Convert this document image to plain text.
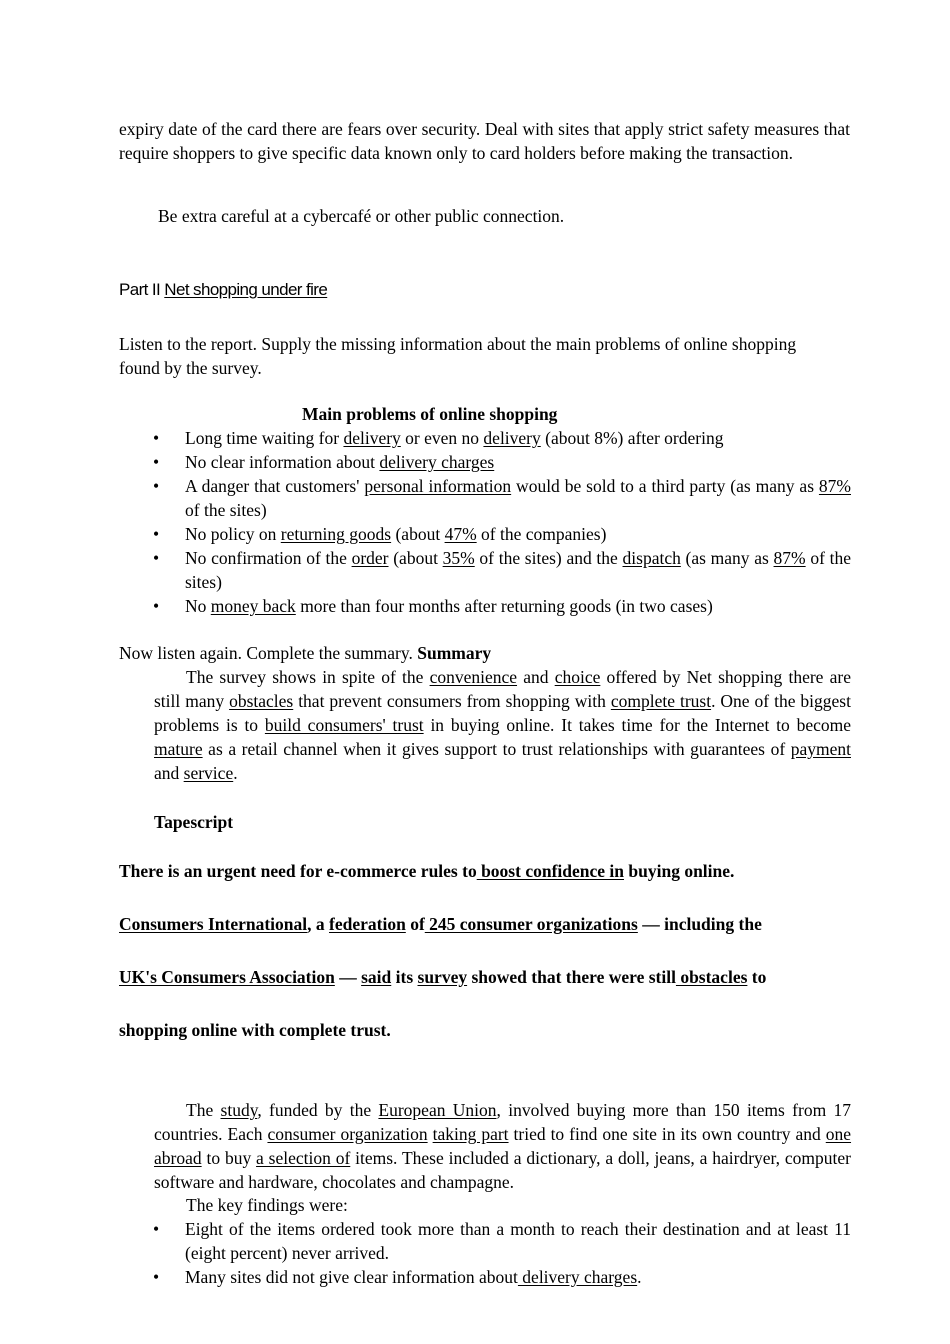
expiry date of the card there are fears over security. Deal with sites that apply strict safety measures that require shoppers to give specific data known only to card holders before making the transaction.
Be extra careful at a cybercafé or other public connection.
Part II Net shopping under fire
Listen to the report. Supply the missing information about the main problems of online shopping found by the survey.
Main problems of online shopping
• Long time waiting for delivery or even no delivery (about 8%) after ordering
• No clear information about delivery charges
• A danger that customers' personal information would be sold to a third party (as many as 87% of the sites)
• No policy on returning goods (about 47% of the companies)
• No confirmation of the order (about 35% of the sites) and the dispatch (as many as 87% of the sites)
• No money back more than four months after returning goods (in two cases)
Now listen again. Complete the summary. Summary
The survey shows in spite of the convenience and choice offered by Net shopping there are still many obstacles that prevent consumers from shopping with complete trust. One of the biggest problems is to build consumers' trust in buying online. It takes time for the Internet to become mature as a retail channel when it gives support to trust relationships with guarantees of payment and service.
Tapescript
There is an urgent need for e-commerce rules to boost confidence in buying online.
Consumers International, a federation of 245 consumer organizations — including the
UK's Consumers Association — said its survey showed that there were still obstacles to
shopping online with complete trust.
The study, funded by the European Union, involved buying more than 150 items from 17 countries. Each consumer organization taking part tried to find one site in its own country and one abroad to buy a selection of items. These included a dictionary, a doll, jeans, a hairdryer, computer software and hardware, chocolates and champagne.
The key findings were:
• Eight of the items ordered took more than a month to reach their destination and at least 11 (eight percent) never arrived.
• Many sites did not give clear information about delivery charges.
